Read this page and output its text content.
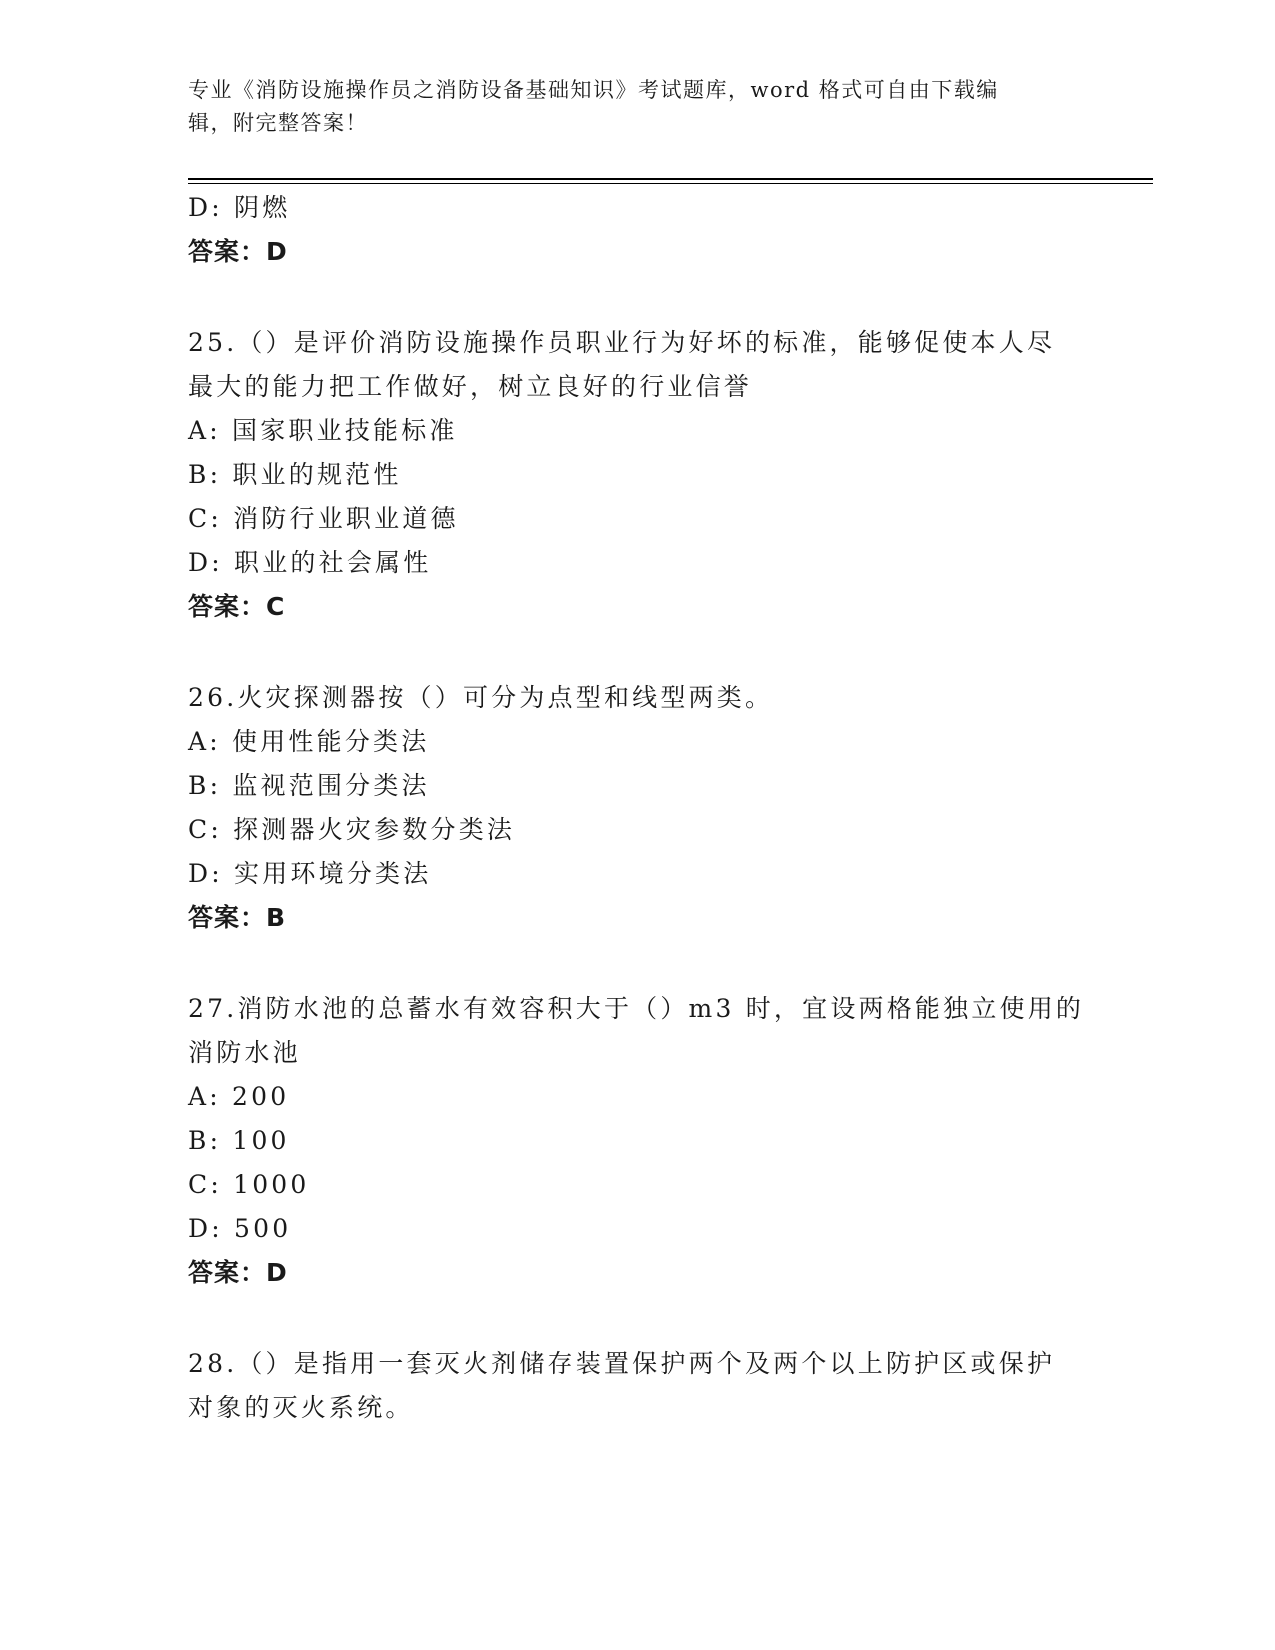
专业《消防设施操作员之消防设备基础知识》考试题库，word 格式可自由下载编
辑，附完整答案！
D: 阴燃
答案：D
25.（）是评价消防设施操作员职业行为好坏的标准，能够促使本人尽
最大的能力把工作做好，树立良好的行业信誉
A: 国家职业技能标准
B: 职业的规范性
C: 消防行业职业道德
D: 职业的社会属性
答案：C
26.火灾探测器按（）可分为点型和线型两类。
A: 使用性能分类法
B: 监视范围分类法
C: 探测器火灾参数分类法
D: 实用环境分类法
答案：B
27.消防水池的总蓄水有效容积大于（）m3 时，宜设两格能独立使用的
消防水池
A: 200
B: 100
C: 1000
D: 500
答案：D
28.（）是指用一套灭火剂储存装置保护两个及两个以上防护区或保护
对象的灭火系统。
